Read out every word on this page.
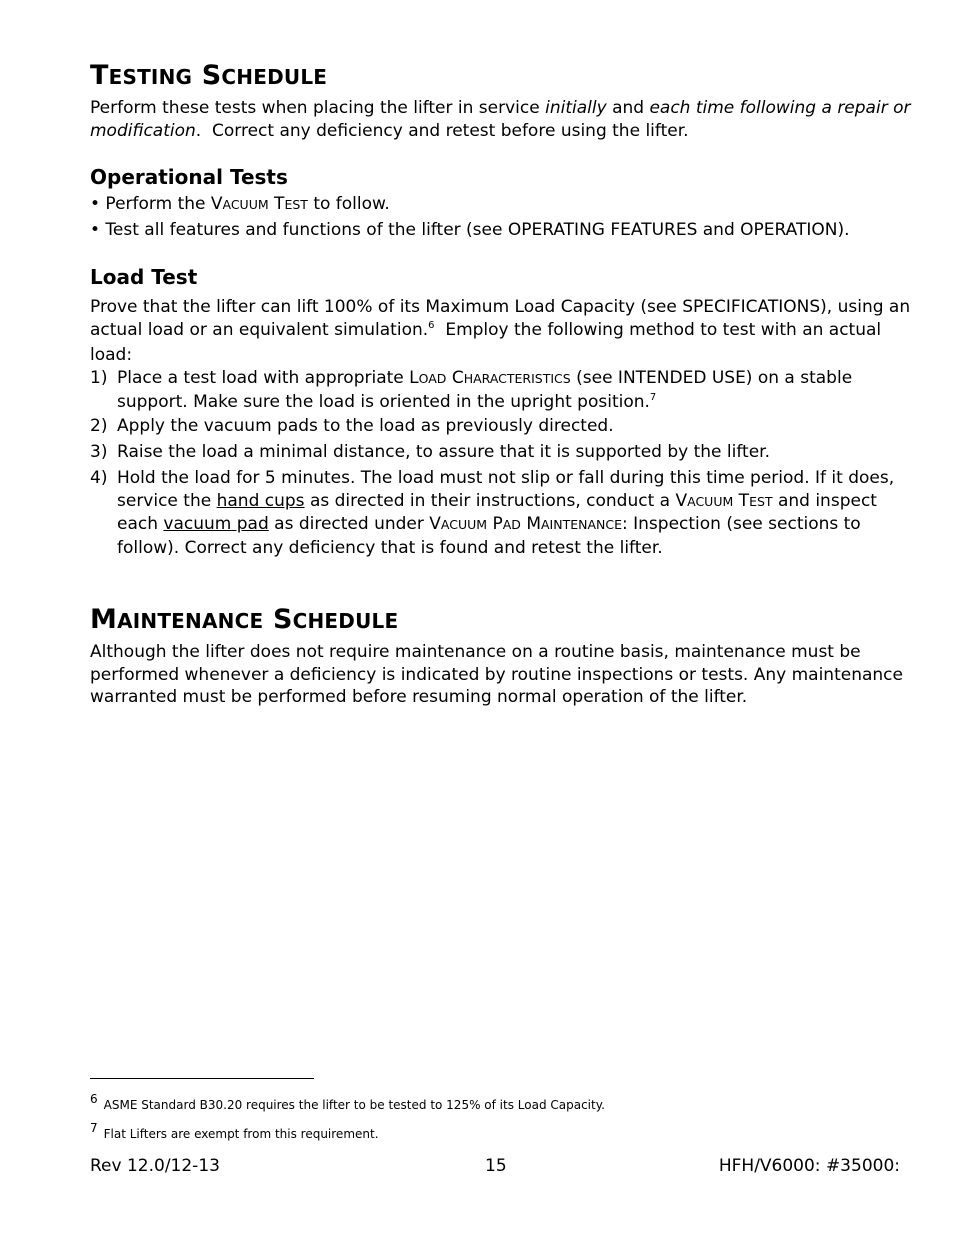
TESTING SCHEDULE
Perform these tests when placing the lifter in service initially and each time following a repair or
modification.  Correct any deficiency and retest before using the lifter.
Operational Tests
• Perform the VACUUM TEST to follow.
• Test all features and functions of the lifter (see OPERATING FEATURES and OPERATION).
Load Test
Prove that the lifter can lift 100% of its Maximum Load Capacity (see SPECIFICATIONS), using an
actual load or an equivalent simulation.$^6$  Employ the following method to test with an actual
load:
1) Place a test load with appropriate LOAD CHARACTERISTICS (see INTENDED USE) on a stable
support. Make sure the load is oriented in the upright position.$^7$
2) Apply the vacuum pads to the load as previously directed.
3) Raise the load a minimal distance, to assure that it is supported by the lifter.
4) Hold the load for 5 minutes. The load must not slip or fall during this time period. If it does,
service the hand cups as directed in their instructions, conduct a VACUUM TEST and inspect
each vacuum pad as directed under VACUUM PAD MAINTENANCE: Inspection (see sections to
follow). Correct any deficiency that is found and retest the lifter.
MAINTENANCE SCHEDULE
Although the lifter does not require maintenance on a routine basis, maintenance must be
performed whenever a deficiency is indicated by routine inspections or tests. Any maintenance
warranted must be performed before resuming normal operation of the lifter.
6 ASME Standard B30.20 requires the lifter to be tested to 125% of its Load Capacity.
7 Flat Lifters are exempt from this requirement.
Rev 12.0/12-13	15	HFH/V6000: #35000:
